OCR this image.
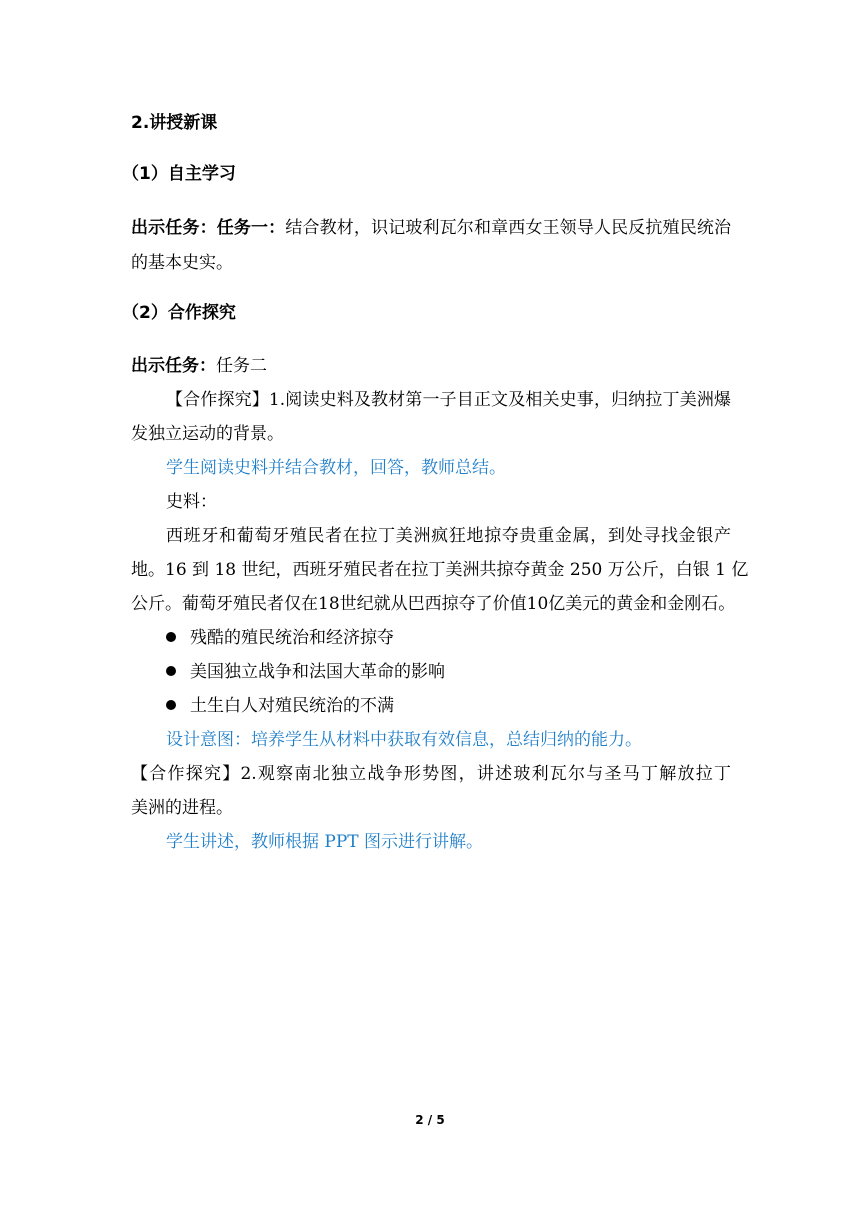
2.讲授新课
（1）自主学习
出示任务：任务一：结合教材，识记玻利瓦尔和章西女王领导人民反抗殖民统治
的基本史实。
（2）合作探究
出示任务：任务二
【合作探究】1.阅读史料及教材第一子目正文及相关史事，归纳拉丁美洲爆
发独立运动的背景。
学生阅读史料并结合教材，回答，教师总结。
史料：
西班牙和葡萄牙殖民者在拉丁美洲疯狂地掠夺贵重金属，到处寻找金银产
地。16 到 18 世纪，西班牙殖民者在拉丁美洲共掠夺黄金 250 万公斤，白银 1 亿
公斤。葡萄牙殖民者仅在18世纪就从巴西掠夺了价值10亿美元的黄金和金刚石。
残酷的殖民统治和经济掠夺
美国独立战争和法国大革命的影响
土生白人对殖民统治的不满
设计意图：培养学生从材料中获取有效信息，总结归纳的能力。
【合作探究】2.观察南北独立战争形势图，讲述玻利瓦尔与圣马丁解放拉丁
美洲的进程。
学生讲述，教师根据 PPT 图示进行讲解。
2 / 5
